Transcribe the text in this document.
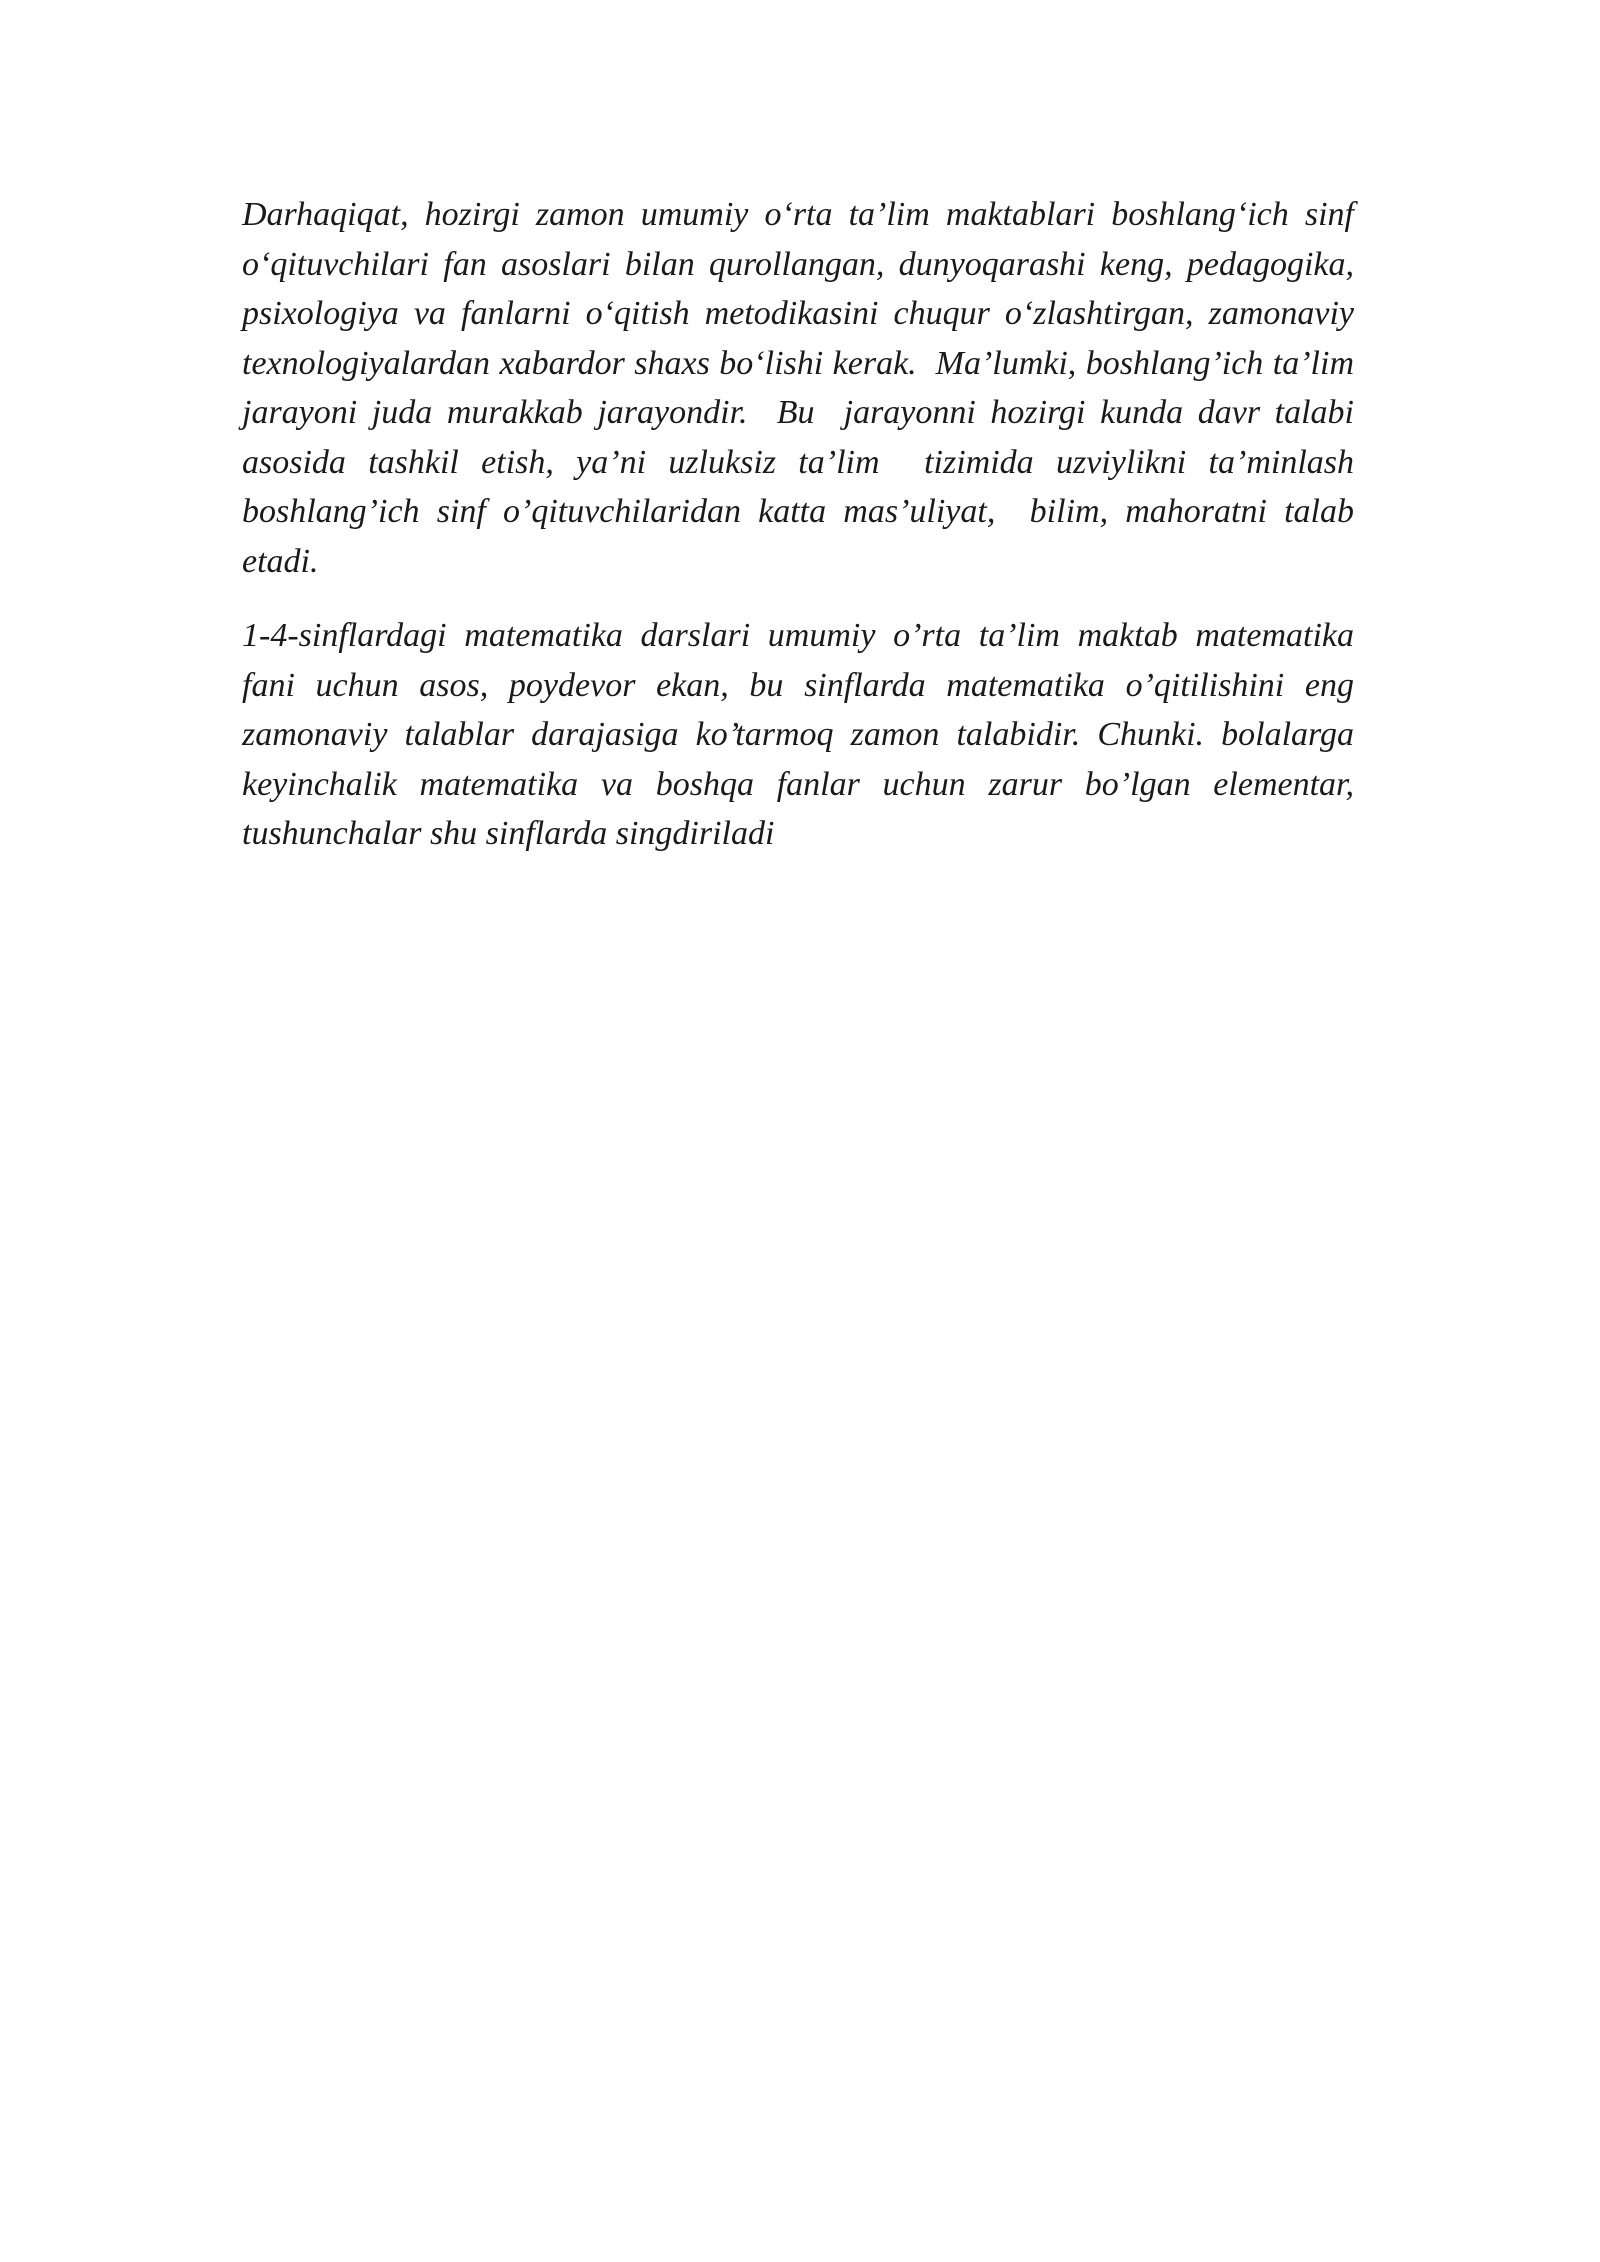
Darhaqiqat, hozirgi zamon umumiy o‘rta ta’lim maktablari boshlang‘ich sinf  o‘qituvchilari fan asoslari bilan qurollangan, dunyoqarashi keng, pedagogika,  psixologiya va fanlarni o‘qitish metodikasini chuqur o‘zlashtirgan, zamonaviy  texnologiyalardan xabardor shaxs bo‘lishi kerak.  Ma’lumki, boshlang’ich ta’lim jarayoni juda murakkab jarayondir.  Bu  jarayonni hozirgi kunda davr talabi asosida tashkil etish, ya’ni uzluksiz ta’lim  tizimida uzviylikni ta’minlash boshlang’ich sinf o’qituvchilaridan katta mas’uliyat,  bilim, mahoratni talab etadi.

1-4-sinflardagi matematika darslari umumiy o’rta ta’lim maktab matematika  fani uchun asos, poydevor ekan, bu sinflarda matematika o’qitilishini eng  zamonaviy talablar darajasiga ko’tarmoq zamon talabidir. Chunki. bolalarga  keyinchalik matematika va boshqa fanlar uchun zarur bo’lgan elementar,  tushunchalar shu sinflarda singdiriladi
